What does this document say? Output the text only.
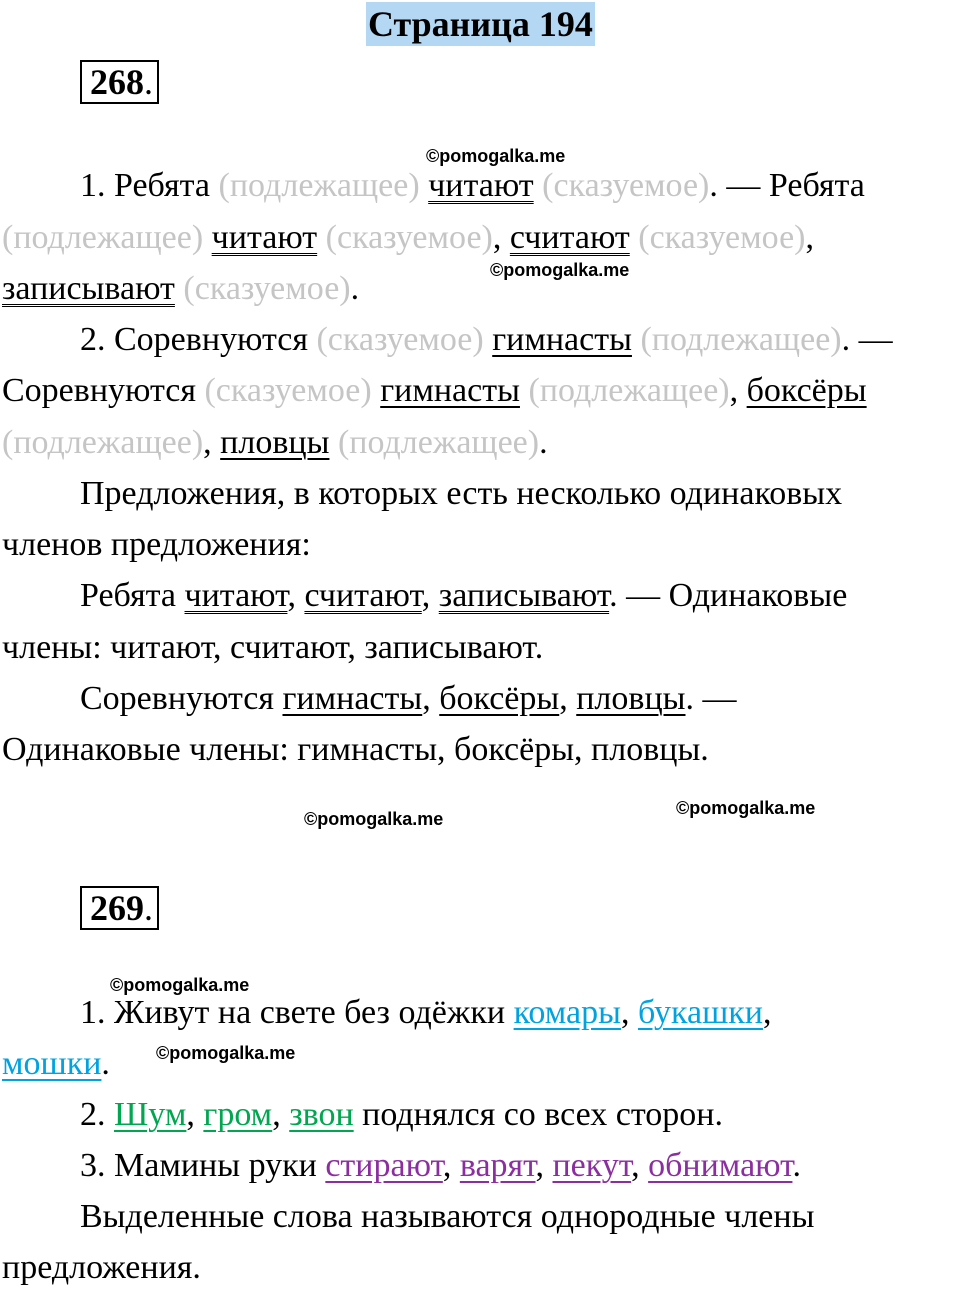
Страница 194
268.
©pomogalka.me
1. Ребята (подлежащее) читают (сказуемое). — Ребята
(подлежащее) читают (сказуемое), считают (сказуемое),
©pomogalka.me
записывают (сказуемое).
2. Соревнуются (сказуемое) гимнасты (подлежащее). —
Соревнуются (сказуемое) гимнасты (подлежащее), боксёры
(подлежащее), пловцы (подлежащее).
Предложения, в которых есть несколько одинаковых
членов предложения:
Ребята читают, считают, записывают. — Одинаковые
члены: читают, считают, записывают.
Соревнуются гимнасты, боксёры, пловцы. —
Одинаковые члены: гимнасты, боксёры, пловцы.
©pomogalka.me
©pomogalka.me
269.
©pomogalka.me
1. Живут на свете без одёжки комары, букашки,
мошки.	©pomogalka.me
2. Шум, гром, звон поднялся со всех сторон.
3. Мамины руки стирают, варят, пекут, обнимают.
Выделенные слова называются однородные члены
предложения.
